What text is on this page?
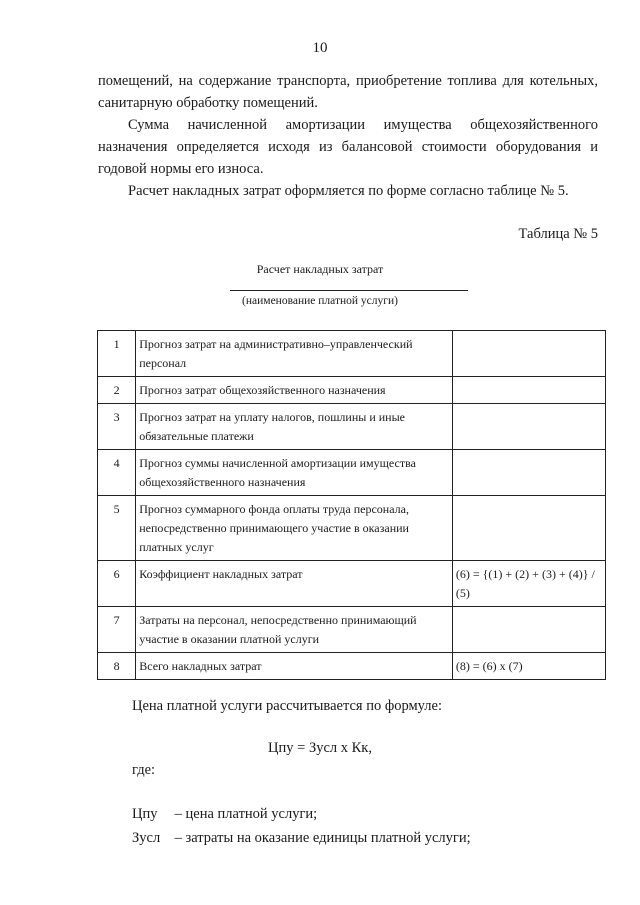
10

помещений, на содержание транспорта, приобретение топлива для котельных, санитарную обработку помещений.

Сумма начисленной амортизации имущества общехозяйственного назначения определяется исходя из балансовой стоимости оборудования и годовой нормы его износа.

Расчет накладных затрат оформляется по форме согласно таблице № 5.

Таблица № 5
Расчет накладных затрат
(наименование платной услуги)
1	Прогноз затрат на административно–управленческий персонал	
2	Прогноз затрат общехозяйственного назначения	
3	Прогноз затрат на уплату налогов, пошлины и иные обязательные платежи	
4	Прогноз суммы начисленной амортизации имущества общехозяйственного назначения	
5	Прогноз суммарного фонда оплаты труда персонала, непосредственно принимающего участие в оказании платных услуг	
6	Коэффициент накладных затрат	(6) = {(1) + (2) + (3) + (4)} / (5)
7	Затраты на персонал, непосредственно принимающий участие в оказании платной услуги	
8	Всего накладных затрат	(8) = (6) х (7)
Цена платной услуги рассчитывается по формуле:
Цпу = Зусл х Кк,
где:
Цпу – цена платной услуги;
Зусл – затраты на оказание единицы платной услуги;
